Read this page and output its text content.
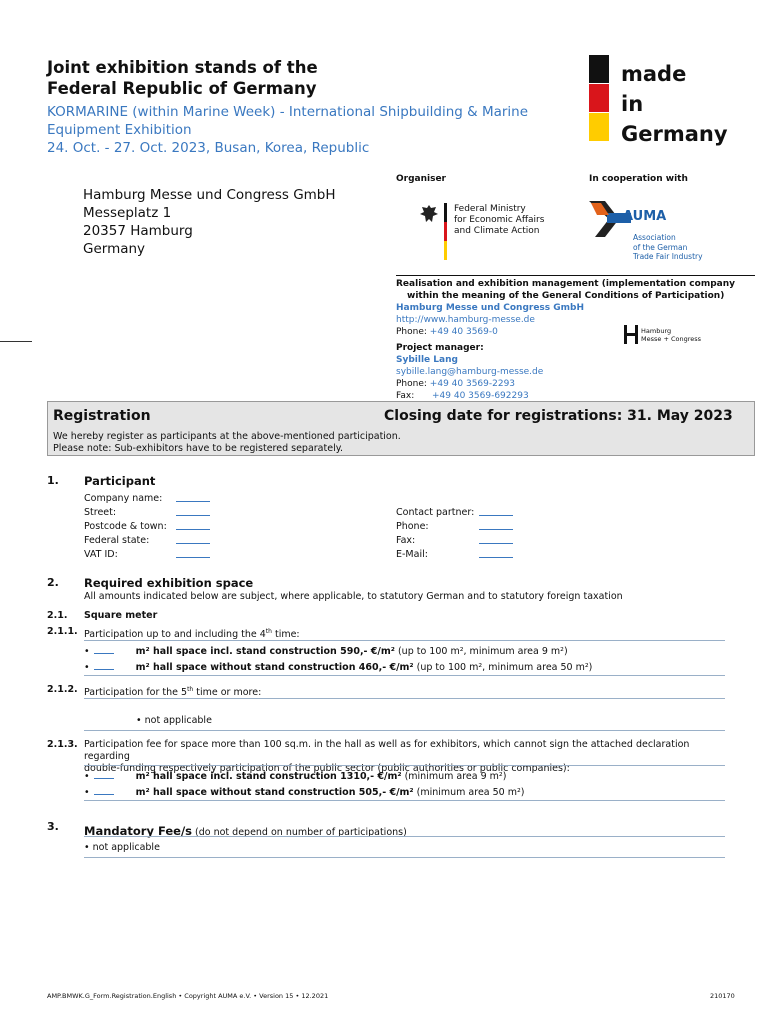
Joint exhibition stands of the Federal Republic of Germany
KORMARINE (within Marine Week) - International Shipbuilding & Marine Equipment Exhibition
24. Oct. - 27. Oct. 2023, Busan, Korea, Republic
made
in
Germany
Hamburg Messe und Congress GmbH
Messeplatz 1
20357 Hamburg
Germany
Organiser
Federal Ministry
for Economic Affairs
and Climate Action
In cooperation with
AUMA
Association
of the German
Trade Fair Industry
Realisation and exhibition management (implementation company
within the meaning of the General Conditions of Participation)
Hamburg Messe und Congress GmbH
http://www.hamburg-messe.de
Phone: +49 40 3569-0
Project manager:
Sybille Lang
sybille.lang@hamburg-messe.de
Phone: +49 40 3569-2293
Fax: +49 40 3569-692293
Hamburg
Messe + Congress
Registration	Closing date for registrations: 31. May 2023
We hereby register as participants at the above-mentioned participation.
Please note: Sub-exhibitors have to be registered separately.
1. Participant
Company name:
Street:
Postcode & town:
Federal state:
VAT ID:
Contact partner:
Phone:
Fax:
E-Mail:
2. Required exhibition space
All amounts indicated below are subject, where applicable, to statutory German and to statutory foreign taxation
2.1. Square meter
2.1.1. Participation up to and including the 4th time:
•	m² hall space incl. stand construction 590,- €/m² (up to 100 m², minimum area 9 m²)
•	m² hall space without stand construction 460,- €/m² (up to 100 m², minimum area 50 m²)
2.1.2. Participation for the 5th time or more:
• not applicable
2.1.3. Participation fee for space more than 100 sq.m. in the hall as well as for exhibitors, which cannot sign the attached declaration regarding
double-funding respectively participation of the public sector (public authorities or public companies):
•	m² hall space incl. stand construction 1310,- €/m² (minimum area 9 m²)
•	m² hall space without stand construction 505,- €/m² (minimum area 50 m²)
3. Mandatory Fee/s (do not depend on number of participations)
• not applicable
AMP.BMWK.G_Form.Registration.English • Copyright AUMA e.V. • Version 15 • 12.2021	210170
